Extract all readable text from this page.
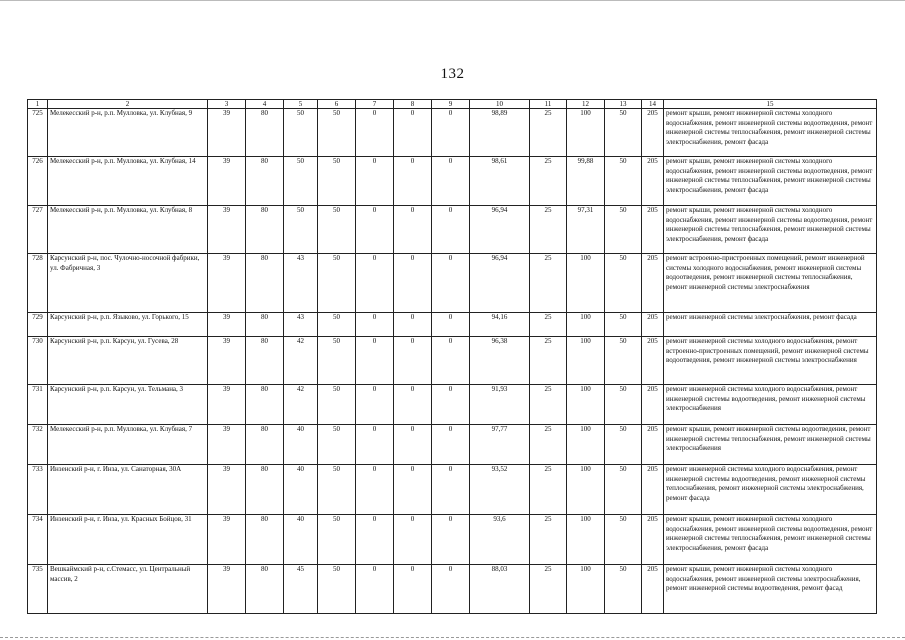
132
1	2	3	4	5	6	7	8	9	10	11	12	13	14	15
725	Мелекесский р-н, р.п. Мулловка, ул. Клубная, 9	39	80	50	50	0	0	0	98,89	25	100	50	205	ремонт крыши, ремонт инженерной системы холодного водоснабжения, ремонт инженерной системы водоотведения, ремонт инженерной системы теплоснабжения, ремонт инженерной системы электроснабжения, ремонт фасада
726	Мелекесский р-н, р.п. Мулловка, ул. Клубная, 14	39	80	50	50	0	0	0	98,61	25	99,88	50	205	ремонт крыши, ремонт инженерной системы холодного водоснабжения, ремонт инженерной системы водоотведения, ремонт инженерной системы теплоснабжения, ремонт инженерной системы электроснабжения, ремонт фасада
727	Мелекесский р-н, р.п. Мулловка, ул. Клубная, 8	39	80	50	50	0	0	0	96,94	25	97,31	50	205	ремонт крыши, ремонт инженерной системы холодного водоснабжения, ремонт инженерной системы водоотведения, ремонт инженерной системы теплоснабжения, ремонт инженерной системы электроснабжения, ремонт фасада
728	Карсунский р-н, пос. Чулочно-носочной фабрики, ул. Фабричная, 3	39	80	43	50	0	0	0	96,94	25	100	50	205	ремонт встроенно-пристроенных помещений, ремонт инженерной системы холодного водоснабжения, ремонт инженерной системы водоотведения, ремонт инженерной системы теплоснабжения, ремонт инженерной системы электроснабжения
729	Карсунский р-н, р.п. Языково, ул. Горького, 15	39	80	43	50	0	0	0	94,16	25	100	50	205	ремонт инженерной системы электроснабжения, ремонт фасада
730	Карсунский р-н, р.п. Карсун, ул. Гусева, 28	39	80	42	50	0	0	0	96,38	25	100	50	205	ремонт инженерной системы холодного водоснабжения, ремонт встроенно-пристроенных помещений, ремонт инженерной системы водоотведения, ремонт инженерной системы электроснабжения
731	Карсунский р-н, р.п. Карсун, ул. Тельмана, 3	39	80	42	50	0	0	0	91,93	25	100	50	205	ремонт инженерной системы холодного водоснабжения, ремонт инженерной системы водоотведения, ремонт инженерной системы электроснабжения
732	Мелекесский р-н, р.п. Мулловка, ул. Клубная, 7	39	80	40	50	0	0	0	97,77	25	100	50	205	ремонт крыши, ремонт инженерной системы водоотведения, ремонт инженерной системы теплоснабжения, ремонт инженерной системы электроснабжения
733	Инзенский р-н, г. Инза, ул. Санаторная, 30А	39	80	40	50	0	0	0	93,52	25	100	50	205	ремонт инженерной системы холодного водоснабжения, ремонт инженерной системы водоотведения, ремонт инженерной системы теплоснабжения, ремонт инженерной системы электроснабжения, ремонт фасада
734	Инзенский р-н, г. Инза, ул. Красных Бойцов, 31	39	80	40	50	0	0	0	93,6	25	100	50	205	ремонт крыши, ремонт инженерной системы холодного водоснабжения, ремонт инженерной системы водоотведения, ремонт инженерной системы теплоснабжения, ремонт инженерной системы электроснабжения, ремонт фасада
735	Вешкаймский р-н, с.Стемасс, ул. Центральный массив, 2	39	80	45	50	0	0	0	88,03	25	100	50	205	ремонт крыши, ремонт инженерной системы холодного водоснабжения, ремонт инженерной системы электроснабжения, ремонт инженерной системы водоотведения, ремонт фасад
